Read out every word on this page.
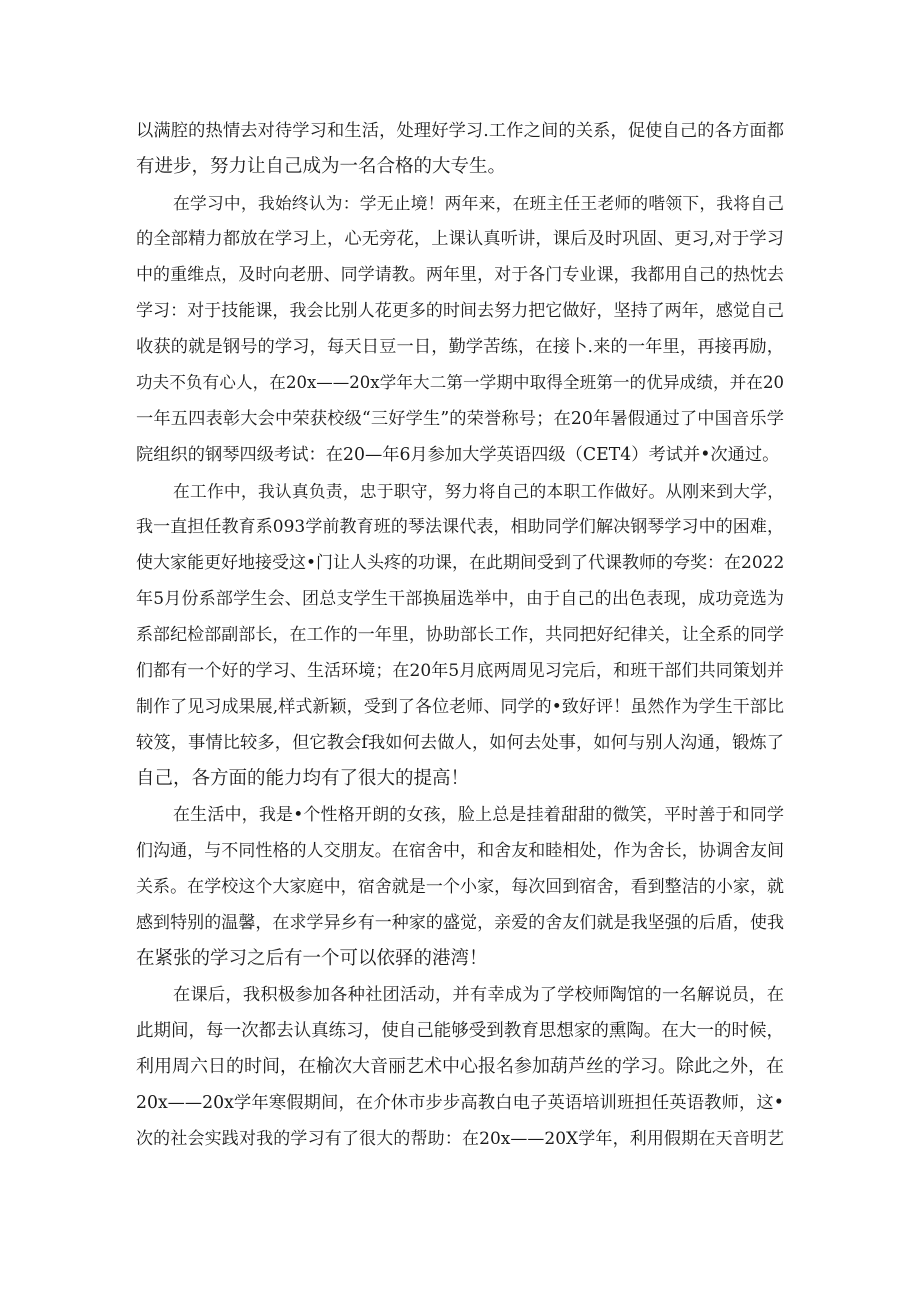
以满腔的热情去对待学习和生活，处理好学习.工作之间的关系，促使自己的各方面都
有进步，努力让自己成为一名合格的大专生。
在学习中，我始终认为：学无止境！两年来，在班主任王老师的喈领下，我将自己
的全部精力都放在学习上，心无旁花，上课认真听讲，课后及时巩固、更习,对于学习
中的重维点，及时向老册、同学请教。两年里，对于各门专业课，我都用自己的热忱去
学习：对于技能课，我会比别人花更多的时间去努力把它做好，坚持了两年，感觉自己
收获的就是钢号的学习，每天日豆一日，勤学苦练，在接卜.来的一年里，再接再励，
功夫不负有心人，在20x——20x学年大二第一学期中取得全班第一的优异成绩，并在20
一年五四表彰大会中荣获校级“三好学生”的荣誉称号；在20年暑假通过了中国音乐学
院组织的钢琴四级考试：在20—年6月参加大学英语四级（CET4）考试并•次通过。
在工作中，我认真负责，忠于职守，努力将自己的本职工作做好。从刚来到大学，
我一直担任教育系093学前教育班的琴法课代表，相助同学们解决钢琴学习中的困难，
使大家能更好地接受这•门让人头疼的功课，在此期间受到了代课教师的夸奖：在2022
年5月份系部学生会、团总支学生干部换届选举中，由于自己的出色表现，成功竞选为
系部纪检部副部长，在工作的一年里，协助部长工作，共同把好纪律关，让全系的同学
们都有一个好的学习、生活环境；在20年5月底两周见习完后，和班干部们共同策划并
制作了见习成果展,样式新颖，受到了各位老师、同学的•致好评！虽然作为学生干部比
较笈，事情比较多，但它教会f我如何去做人，如何去处事，如何与别人沟通，锻炼了
自己，各方面的能力均有了很大的提高！
在生活中，我是•个性格开朗的女孩，脸上总是挂着甜甜的微笑，平时善于和同学
们沟通，与不同性格的人交朋友。在宿舍中，和舍友和睦相处，作为舍长，协调舍友间
关系。在学校这个大家庭中，宿舍就是一个小家，每次回到宿舍，看到整洁的小家，就
感到特别的温馨，在求学异乡有一种家的盛觉，亲爱的舍友们就是我坚强的后盾，使我
在紧张的学习之后有一个可以依驿的港湾！
在课后，我积极参加各种社团活动，并有幸成为了学校师陶馆的一名解说员，在
此期间，每一次都去认真练习，使自己能够受到教育思想家的熏陶。在大一的时候，
利用周六日的时间，在榆次大音丽艺术中心报名参加葫芦丝的学习。除此之外，在
20x——20x学年寒假期间，在介休市步步高教白电子英语培训班担任英语教师，这•
次的社会实践对我的学习有了很大的帮助：在20x——20X学年，利用假期在天音明艺
